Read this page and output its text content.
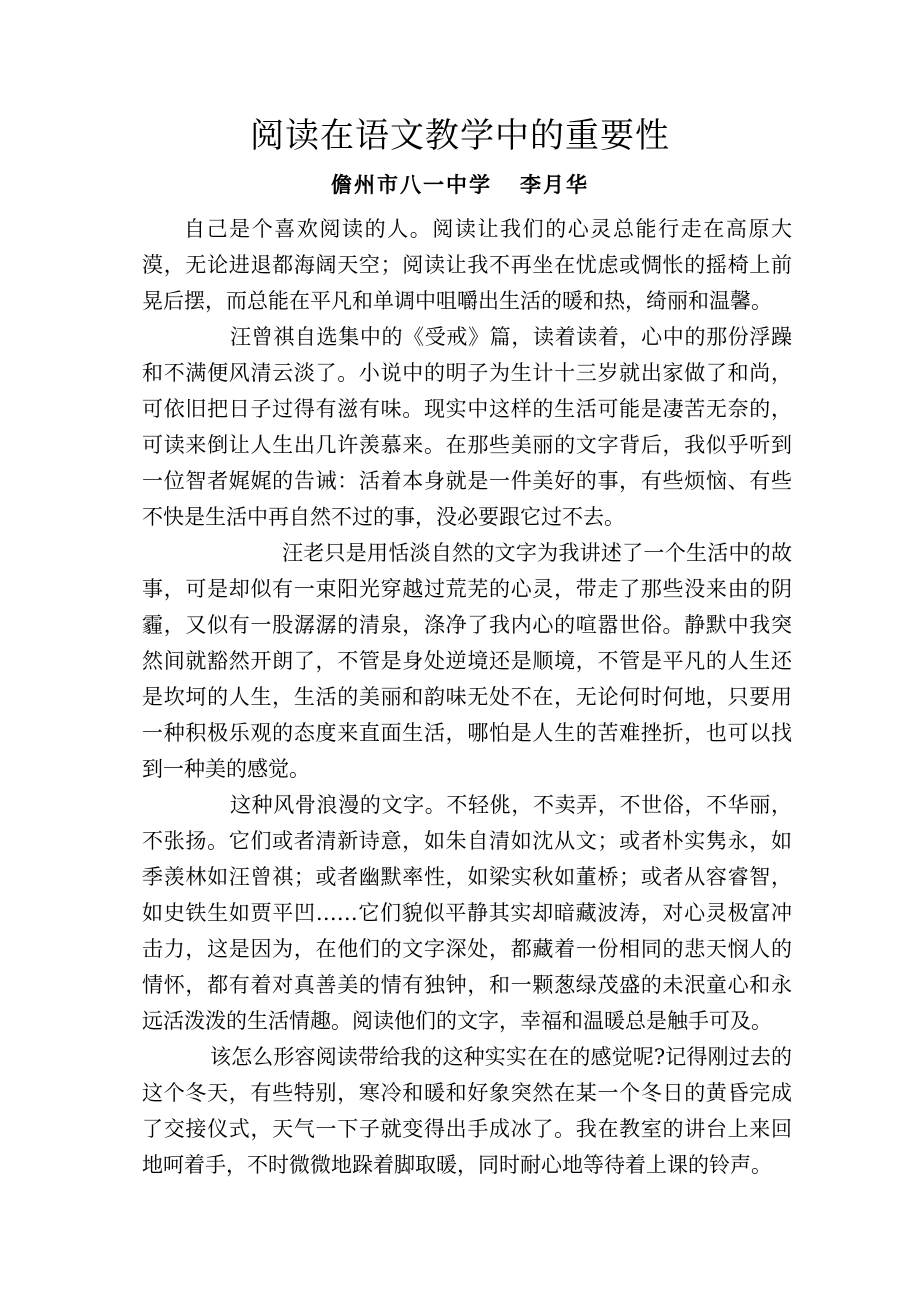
阅读在语文教学中的重要性
儋州市八一中学 李月华

自己是个喜欢阅读的人。阅读让我们的心灵总能行走在高原大漠，无论进退都海阔天空；阅读让我不再坐在忧虑或惆怅的摇椅上前晃后摆，而总能在平凡和单调中咀嚼出生活的暖和热，绮丽和温馨。

汪曾祺自选集中的《受戒》篇，读着读着，心中的那份浮躁和不满便风清云淡了。小说中的明子为生计十三岁就出家做了和尚，可依旧把日子过得有滋有味。现实中这样的生活可能是凄苦无奈的，可读来倒让人生出几许羡慕来。在那些美丽的文字背后，我似乎听到一位智者娓娓的告诫：活着本身就是一件美好的事，有些烦恼、有些不快是生活中再自然不过的事，没必要跟它过不去。

汪老只是用恬淡自然的文字为我讲述了一个生活中的故事，可是却似有一束阳光穿越过荒芜的心灵，带走了那些没来由的阴霾，又似有一股潺潺的清泉，涤净了我内心的喧嚣世俗。静默中我突然间就豁然开朗了，不管是身处逆境还是顺境，不管是平凡的人生还是坎坷的人生，生活的美丽和韵味无处不在，无论何时何地，只要用一种积极乐观的态度来直面生活，哪怕是人生的苦难挫折，也可以找到一种美的感觉。

这种风骨浪漫的文字。不轻佻，不卖弄，不世俗，不华丽，不张扬。它们或者清新诗意，如朱自清如沈从文；或者朴实隽永，如季羡林如汪曾祺；或者幽默率性，如梁实秋如董桥；或者从容睿智，如史铁生如贾平凹……它们貌似平静其实却暗藏波涛，对心灵极富冲击力，这是因为，在他们的文字深处，都藏着一份相同的悲天悯人的情怀，都有着对真善美的情有独钟，和一颗葱绿茂盛的未泯童心和永远活泼泼的生活情趣。阅读他们的文字，幸福和温暖总是触手可及。

该怎么形容阅读带给我的这种实实在在的感觉呢?记得刚过去的这个冬天，有些特别，寒冷和暖和好象突然在某一个冬日的黄昏完成了交接仪式，天气一下子就变得出手成冰了。我在教室的讲台上来回地呵着手，不时微微地跺着脚取暖，同时耐心地等待着上课的铃声。
